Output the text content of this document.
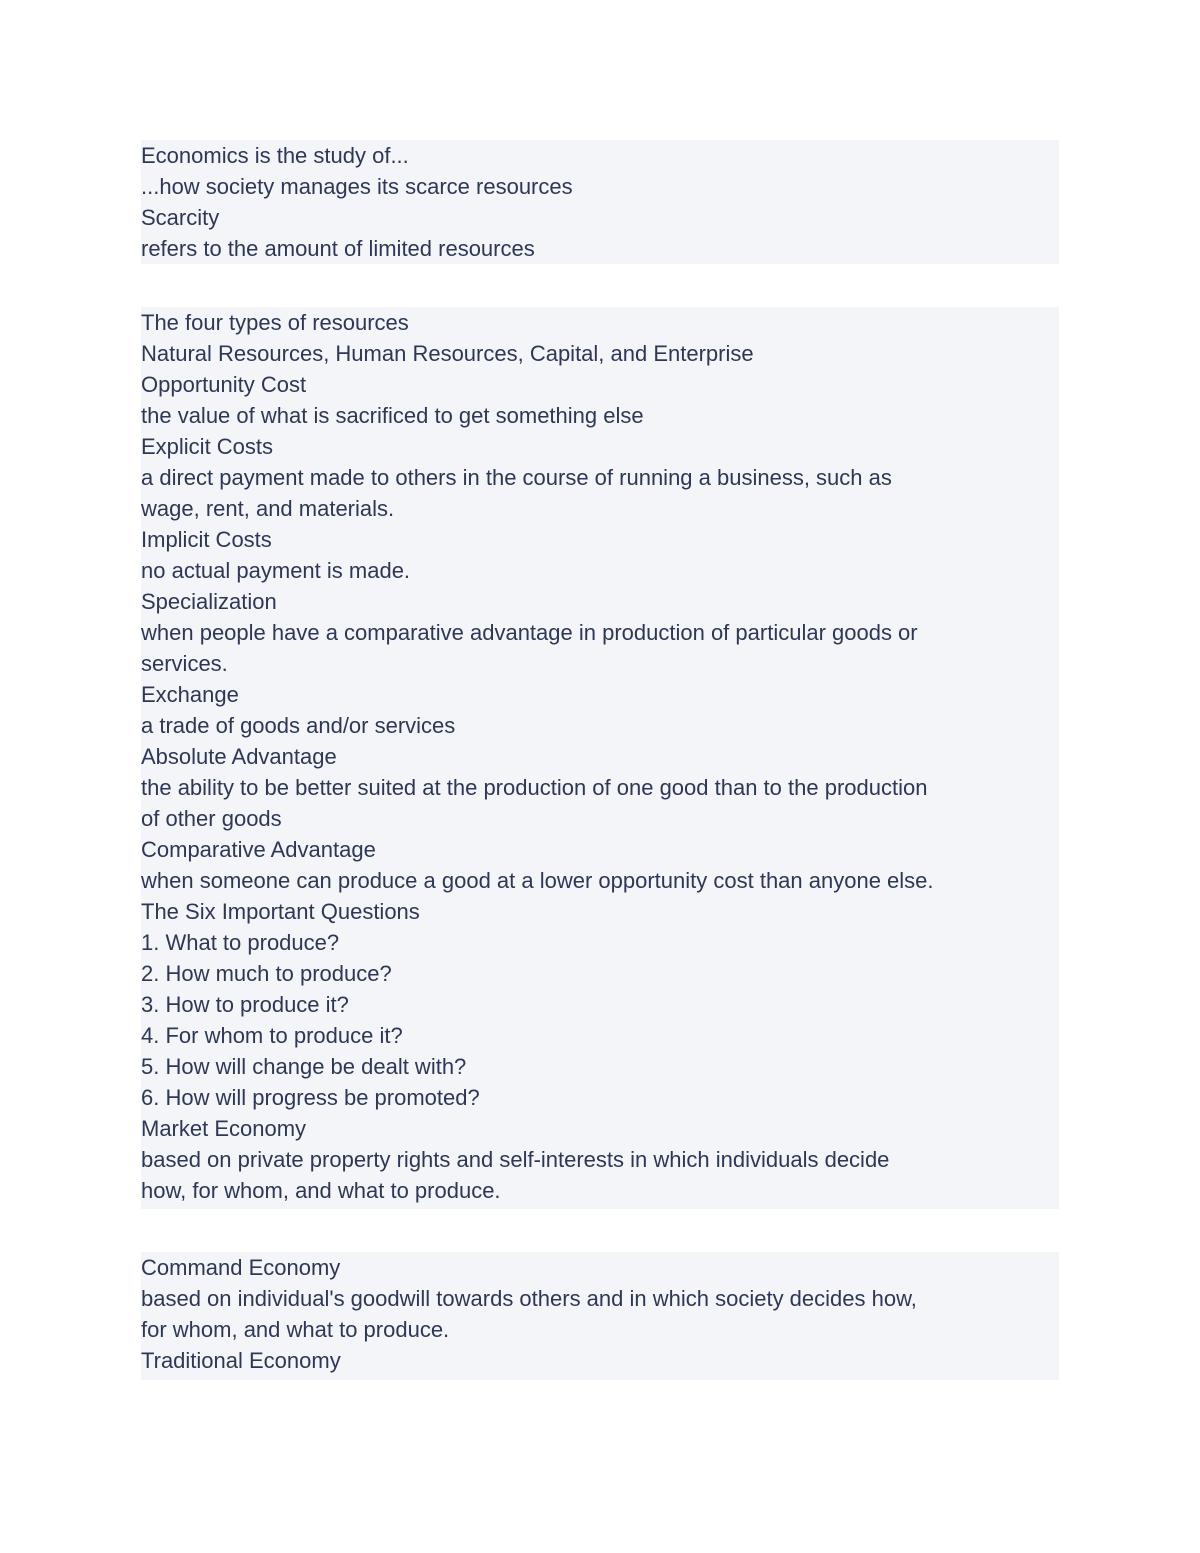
Economics is the study of...
...how society manages its scarce resources
Scarcity
refers to the amount of limited resources
The four types of resources
Natural Resources, Human Resources, Capital, and Enterprise
Opportunity Cost
the value of what is sacrificed to get something else
Explicit Costs
a direct payment made to others in the course of running a business, such as
wage, rent, and materials.
Implicit Costs
no actual payment is made.
Specialization
when people have a comparative advantage in production of particular goods or
services.
Exchange
a trade of goods and/or services
Absolute Advantage
the ability to be better suited at the production of one good than to the production
of other goods
Comparative Advantage
when someone can produce a good at a lower opportunity cost than anyone else.
The Six Important Questions
1. What to produce?
2. How much to produce?
3. How to produce it?
4. For whom to produce it?
5. How will change be dealt with?
6. How will progress be promoted?
Market Economy
based on private property rights and self-interests in which individuals decide
how, for whom, and what to produce.
Command Economy
based on individual's goodwill towards others and in which society decides how,
for whom, and what to produce.
Traditional Economy
